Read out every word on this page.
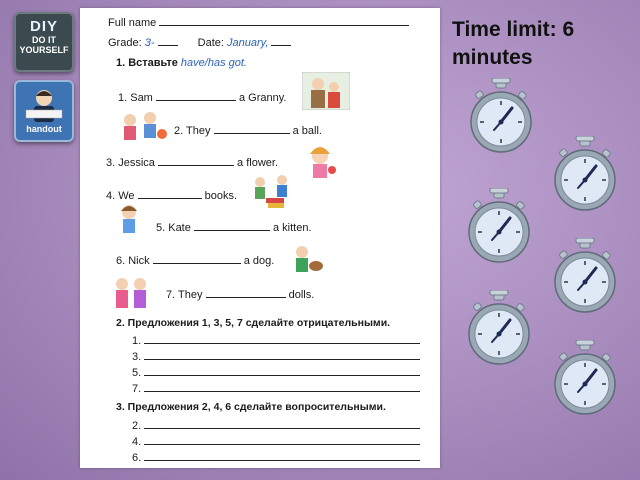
DIY
DO IT
YOURSELF
handout
Full name
Grade: 3-	Date: January,
1. Вставьте have/has got.
1. Sam	a Granny.
2. They	a ball.
3. Jessica	a flower.
4. We	books.
5. Kate	a kitten.
6. Nick	a dog.
7. They	dolls.
2. Предложения 1, 3, 5, 7 сделайте отрицательными.
1.
3.
5.
7.
3. Предложения 2, 4, 6 сделайте вопросительными.
2.
4.
6.
Time limit: 6 minutes
